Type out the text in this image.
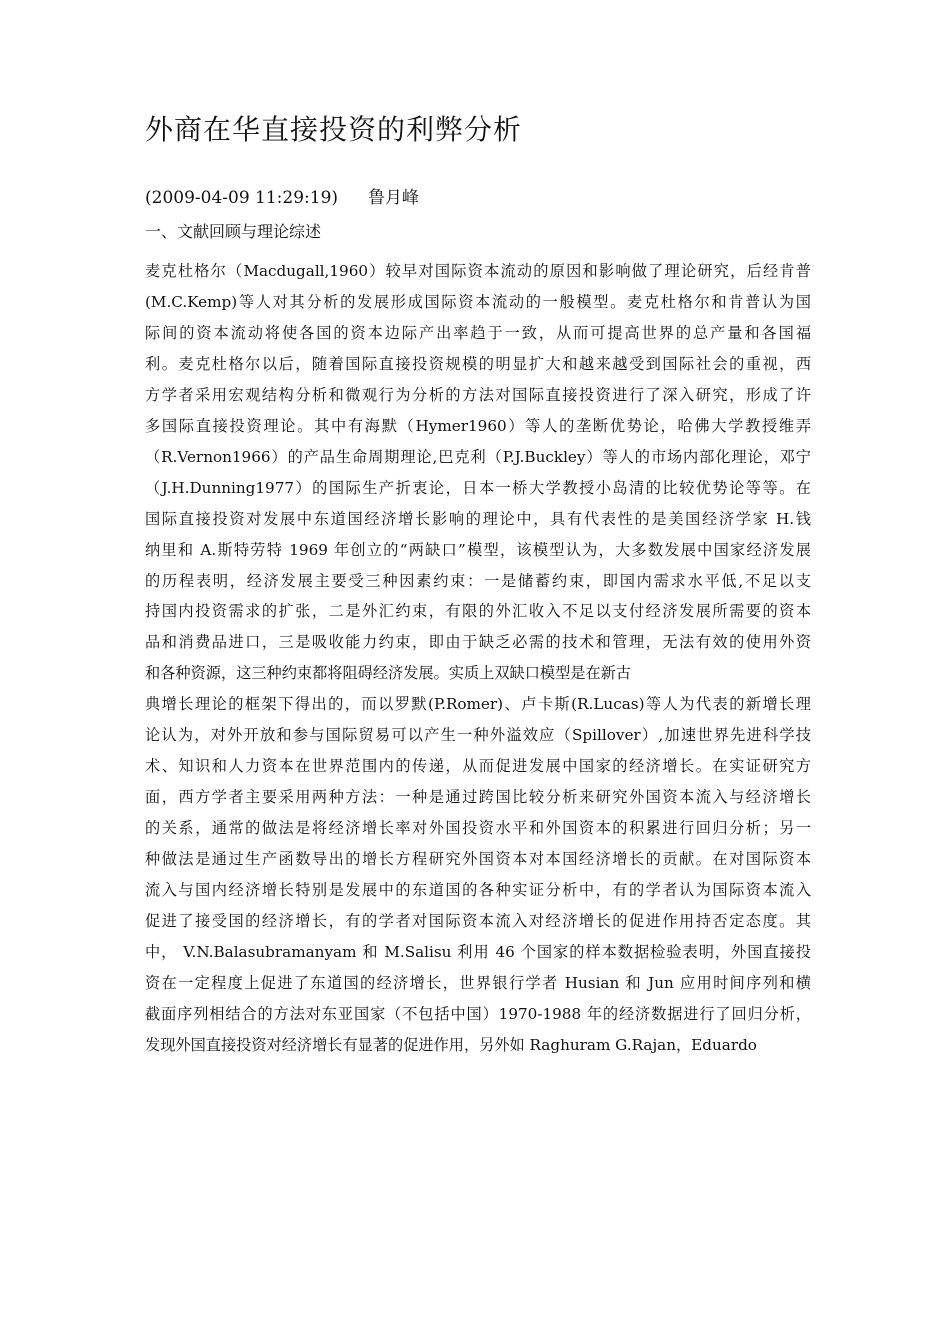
外商在华直接投资的利弊分析
(2009-04-09 11:29:19) 鲁月峰
一、文献回顾与理论综述
麦克杜格尔（Macdugall,1960）较早对国际资本流动的原因和影响做了理论研究，后经肯普
(M.C.Kemp)等人对其分析的发展形成国际资本流动的一般模型。麦克杜格尔和肯普认为国
际间的资本流动将使各国的资本边际产出率趋于一致，从而可提高世界的总产量和各国福
利。麦克杜格尔以后，随着国际直接投资规模的明显扩大和越来越受到国际社会的重视，西
方学者采用宏观结构分析和微观行为分析的方法对国际直接投资进行了深入研究，形成了许
多国际直接投资理论。其中有海默（Hymer1960）等人的垄断优势论，哈佛大学教授维弄
（R.Vernon1966）的产品生命周期理论,巴克利（P.J.Buckley）等人的市场内部化理论，邓宁
（J.H.Dunning1977）的国际生产折衷论，日本一桥大学教授小岛清的比较优势论等等。在
国际直接投资对发展中东道国经济增长影响的理论中，具有代表性的是美国经济学家 H.钱
纳里和 A.斯特劳特 1969 年创立的“两缺口”模型，该模型认为，大多数发展中国家经济发展
的历程表明，经济发展主要受三种因素约束：一是储蓄约束，即国内需求水平低,不足以支
持国内投资需求的扩张，二是外汇约束，有限的外汇收入不足以支付经济发展所需要的资本
品和消费品进口，三是吸收能力约束，即由于缺乏必需的技术和管理，无法有效的使用外资
和各种资源，这三种约束都将阻碍经济发展。实质上双缺口模型是在新古
典增长理论的框架下得出的，而以罗默(P.Romer)、卢卡斯(R.Lucas)等人为代表的新增长理
论认为，对外开放和参与国际贸易可以产生一种外溢效应（Spillover）,加速世界先进科学技
术、知识和人力资本在世界范围内的传递，从而促进发展中国家的经济增长。在实证研究方
面，西方学者主要采用两种方法：一种是通过跨国比较分析来研究外国资本流入与经济增长
的关系，通常的做法是将经济增长率对外国投资水平和外国资本的积累进行回归分析；另一
种做法是通过生产函数导出的增长方程研究外国资本对本国经济增长的贡献。在对国际资本
流入与国内经济增长特别是发展中的东道国的各种实证分析中，有的学者认为国际资本流入
促进了接受国的经济增长，有的学者对国际资本流入对经济增长的促进作用持否定态度。其
中， V.N.Balasubramanyam 和 M.Salisu 利用 46 个国家的样本数据检验表明，外国直接投
资在一定程度上促进了东道国的经济增长，世界银行学者 Husian 和 Jun 应用时间序列和横
截面序列相结合的方法对东亚国家（不包括中国）1970-1988 年的经济数据进行了回归分析，
发现外国直接投资对经济增长有显著的促进作用，另外如 Raghuram G.Rajan，Eduardo
